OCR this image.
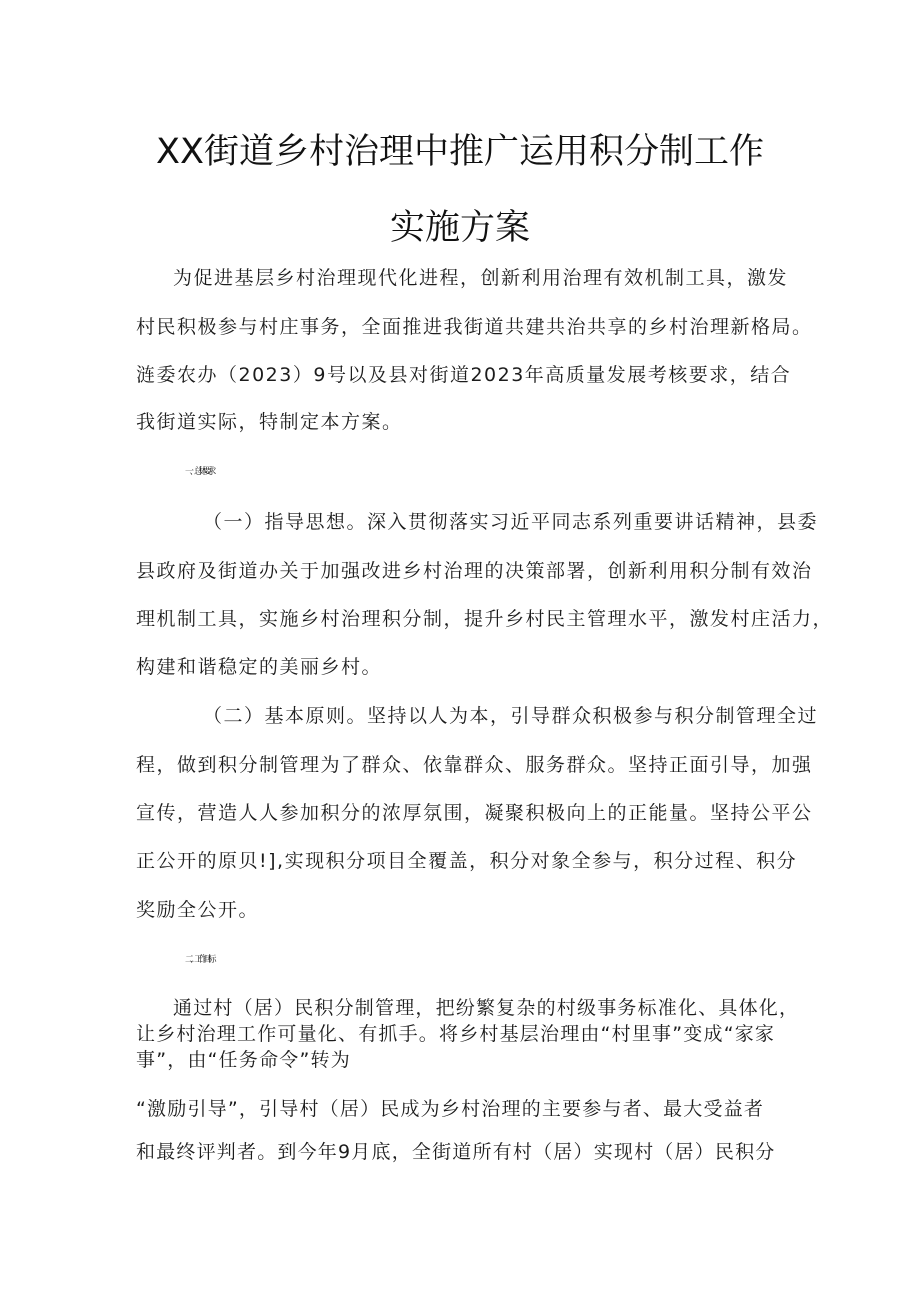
XX街道乡村治理中推广运用积分制工作
实施方案
为促进基层乡村治理现代化进程，创新利用治理有效机制工具，激发
村民积极参与村庄事务，全面推进我街道共建共治共享的乡村治理新格局。
涟委农办（2023）9号以及县对街道2023年高质量发展考核要求，结合
我街道实际，特制定本方案。
一、总体要求
（一）指导思想。深入贯彻落实习近平同志系列重要讲话精神，县委
县政府及街道办关于加强改进乡村治理的决策部署，创新利用积分制有效治
理机制工具，实施乡村治理积分制，提升乡村民主管理水平，激发村庄活力，
构建和谐稳定的美丽乡村。
（二）基本原则。坚持以人为本，引导群众积极参与积分制管理全过
程，做到积分制管理为了群众、依靠群众、服务群众。坚持正面引导，加强
宣传，营造人人参加积分的浓厚氛围，凝聚积极向上的正能量。坚持公平公
正公开的原贝!],实现积分项目全覆盖，积分对象全参与，积分过程、积分
奖励全公开。
二、工作目标
通过村（居）民积分制管理，把纷繁复杂的村级事务标准化、具体化，
让乡村治理工作可量化、有抓手。将乡村基层治理由“村里事”变成“家家
事”，由“任务命令”转为
“激励引导”，引导村（居）民成为乡村治理的主要参与者、最大受益者
和最终评判者。到今年9月底，全街道所有村（居）实现村（居）民积分
